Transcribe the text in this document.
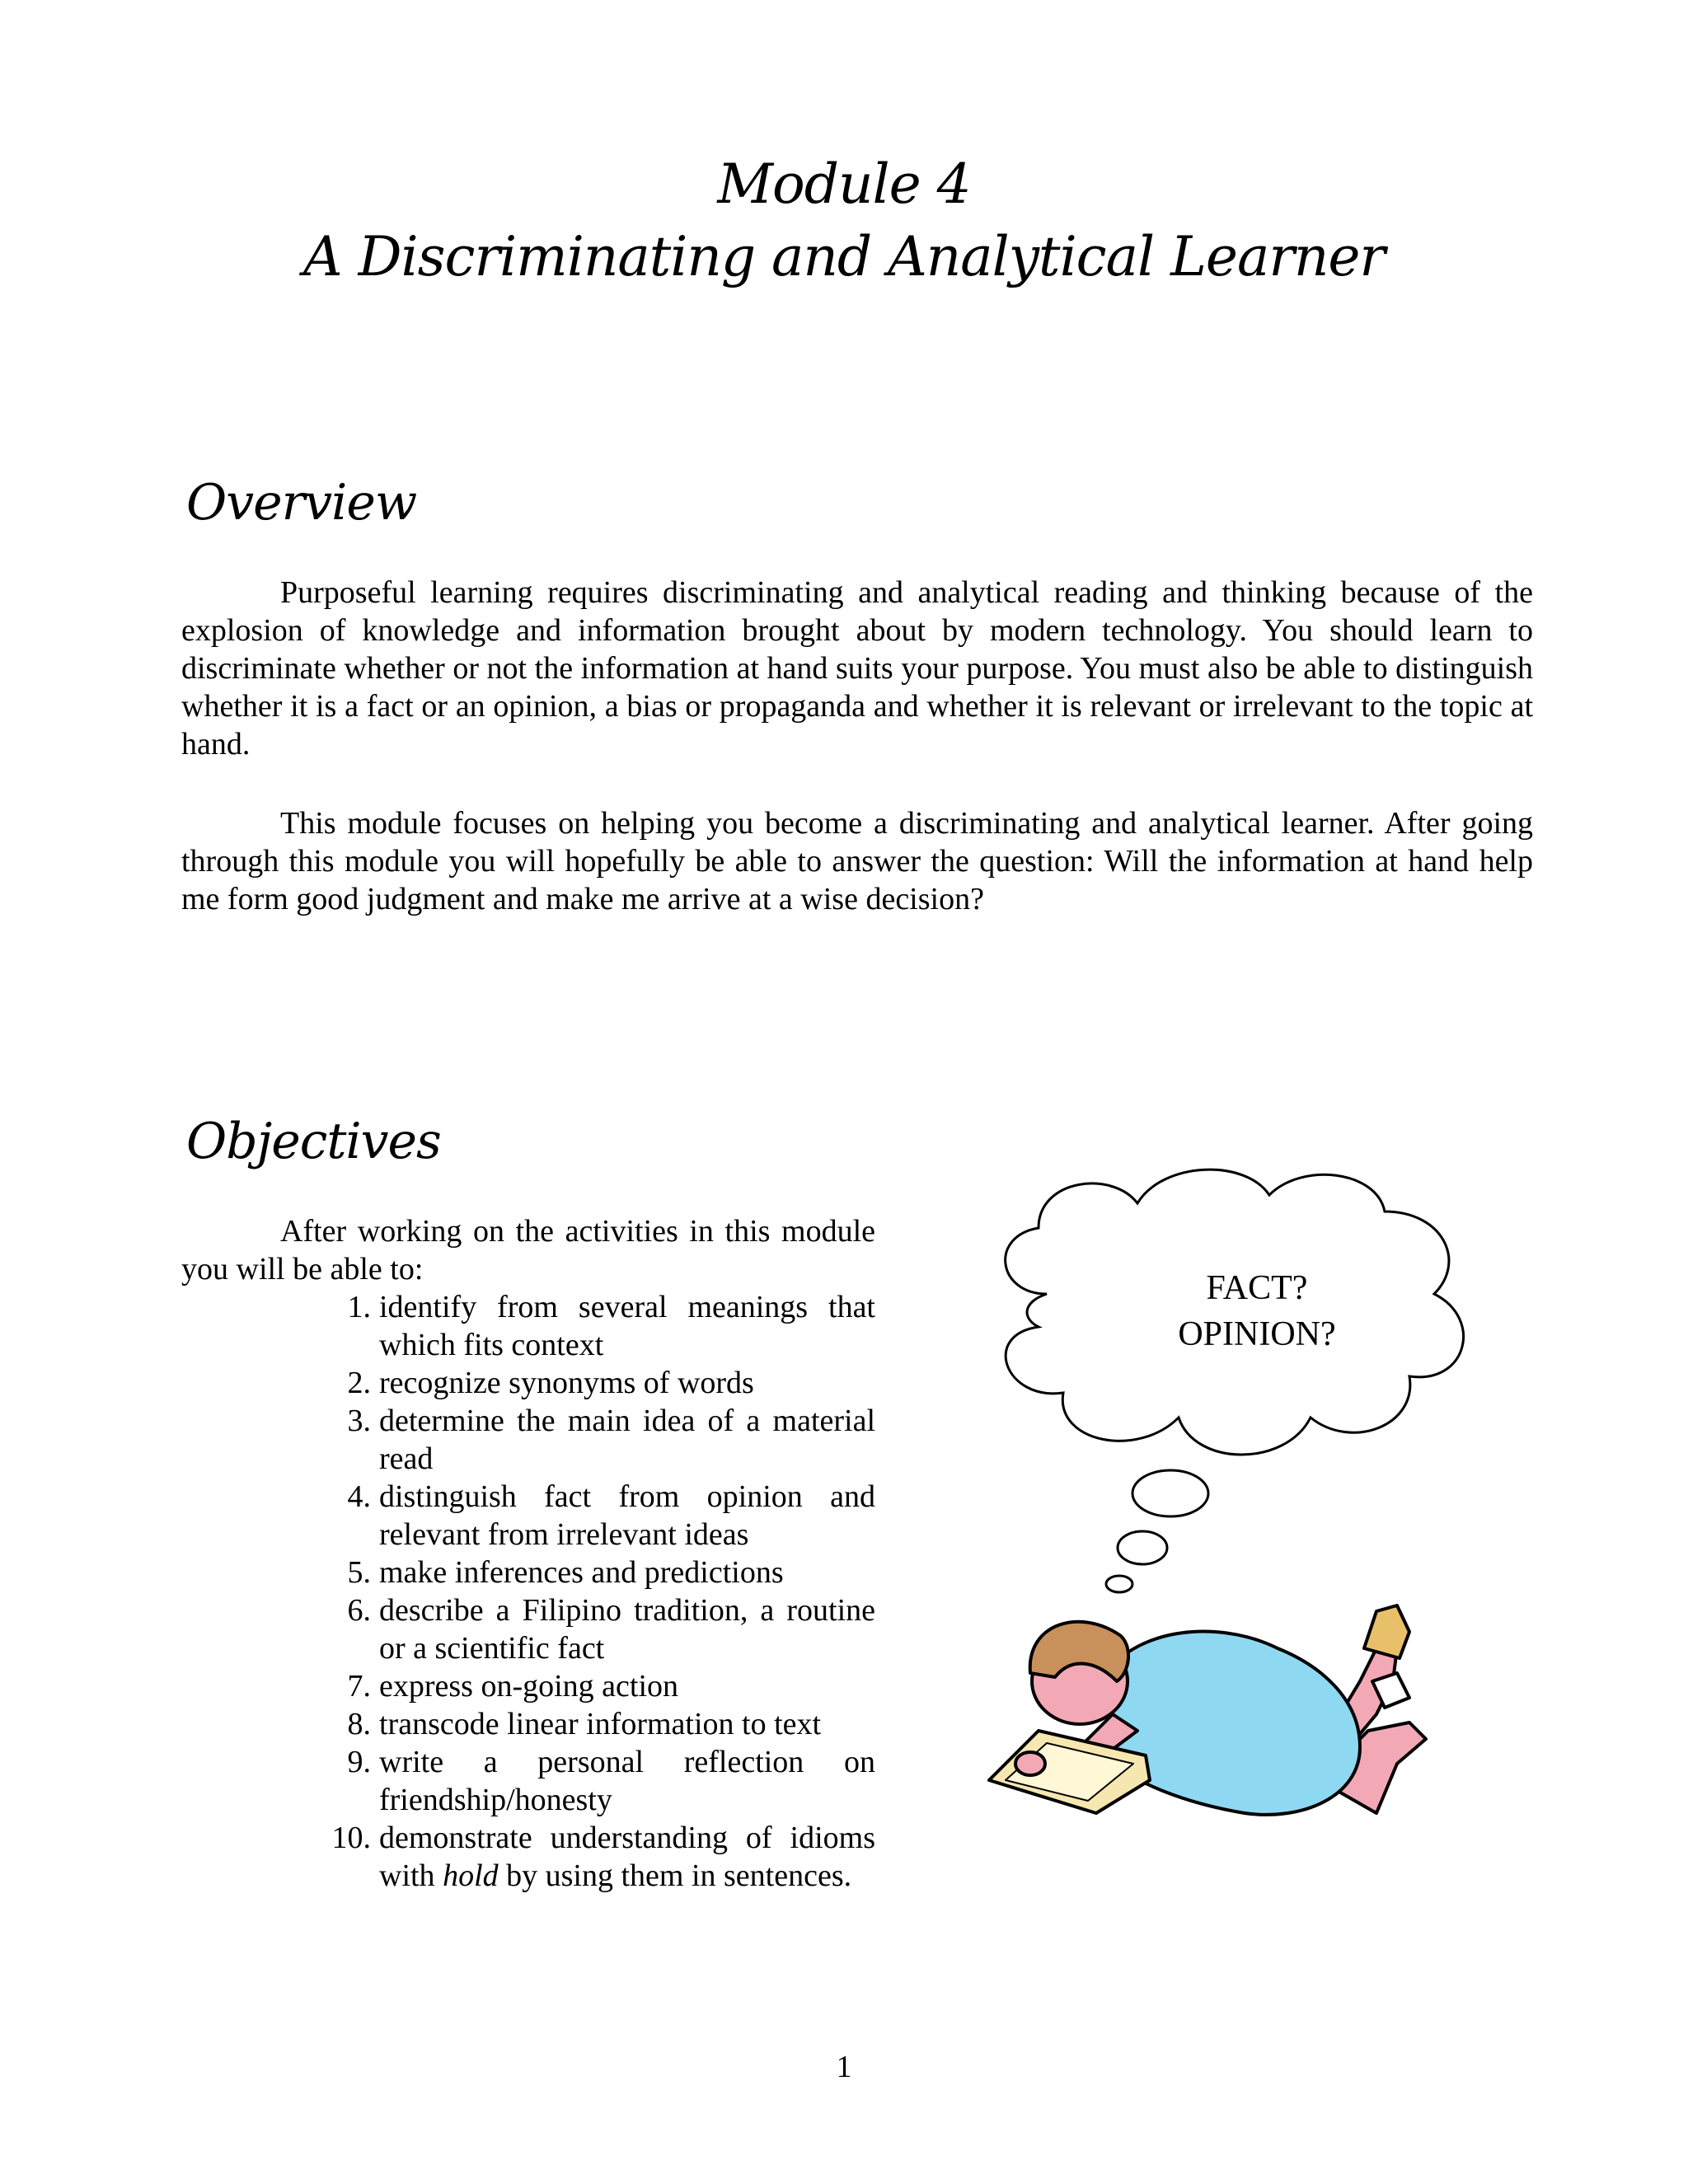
Module 4
A Discriminating and Analytical Learner
Overview

Purposeful learning requires discriminating and analytical reading and thinking because of the explosion of knowledge and information brought about by modern technology. You should learn to discriminate whether or not the information at hand suits your purpose. You must also be able to distinguish whether it is a fact or an opinion, a bias or propaganda and whether it is relevant or irrelevant to the topic at hand.

This module focuses on helping you become a discriminating and analytical learner. After going through this module you will hopefully be able to answer the question: Will the information at hand help me form good judgment and make me arrive at a wise decision?

Objectives

After working on the activities in this module you will be able to:

1. identify from several meanings that which fits context
2. recognize synonyms of words
3. determine the main idea of a material read
4. distinguish fact from opinion and relevant from irrelevant ideas
5. make inferences and predictions
6. describe a Filipino tradition, a routine or a scientific fact
7. express on-going action
8. transcode linear information to text
9. write a personal reflection on friendship/honesty
10. demonstrate understanding of idioms with hold by using them in sentences.
FACT?
OPINION?
1
